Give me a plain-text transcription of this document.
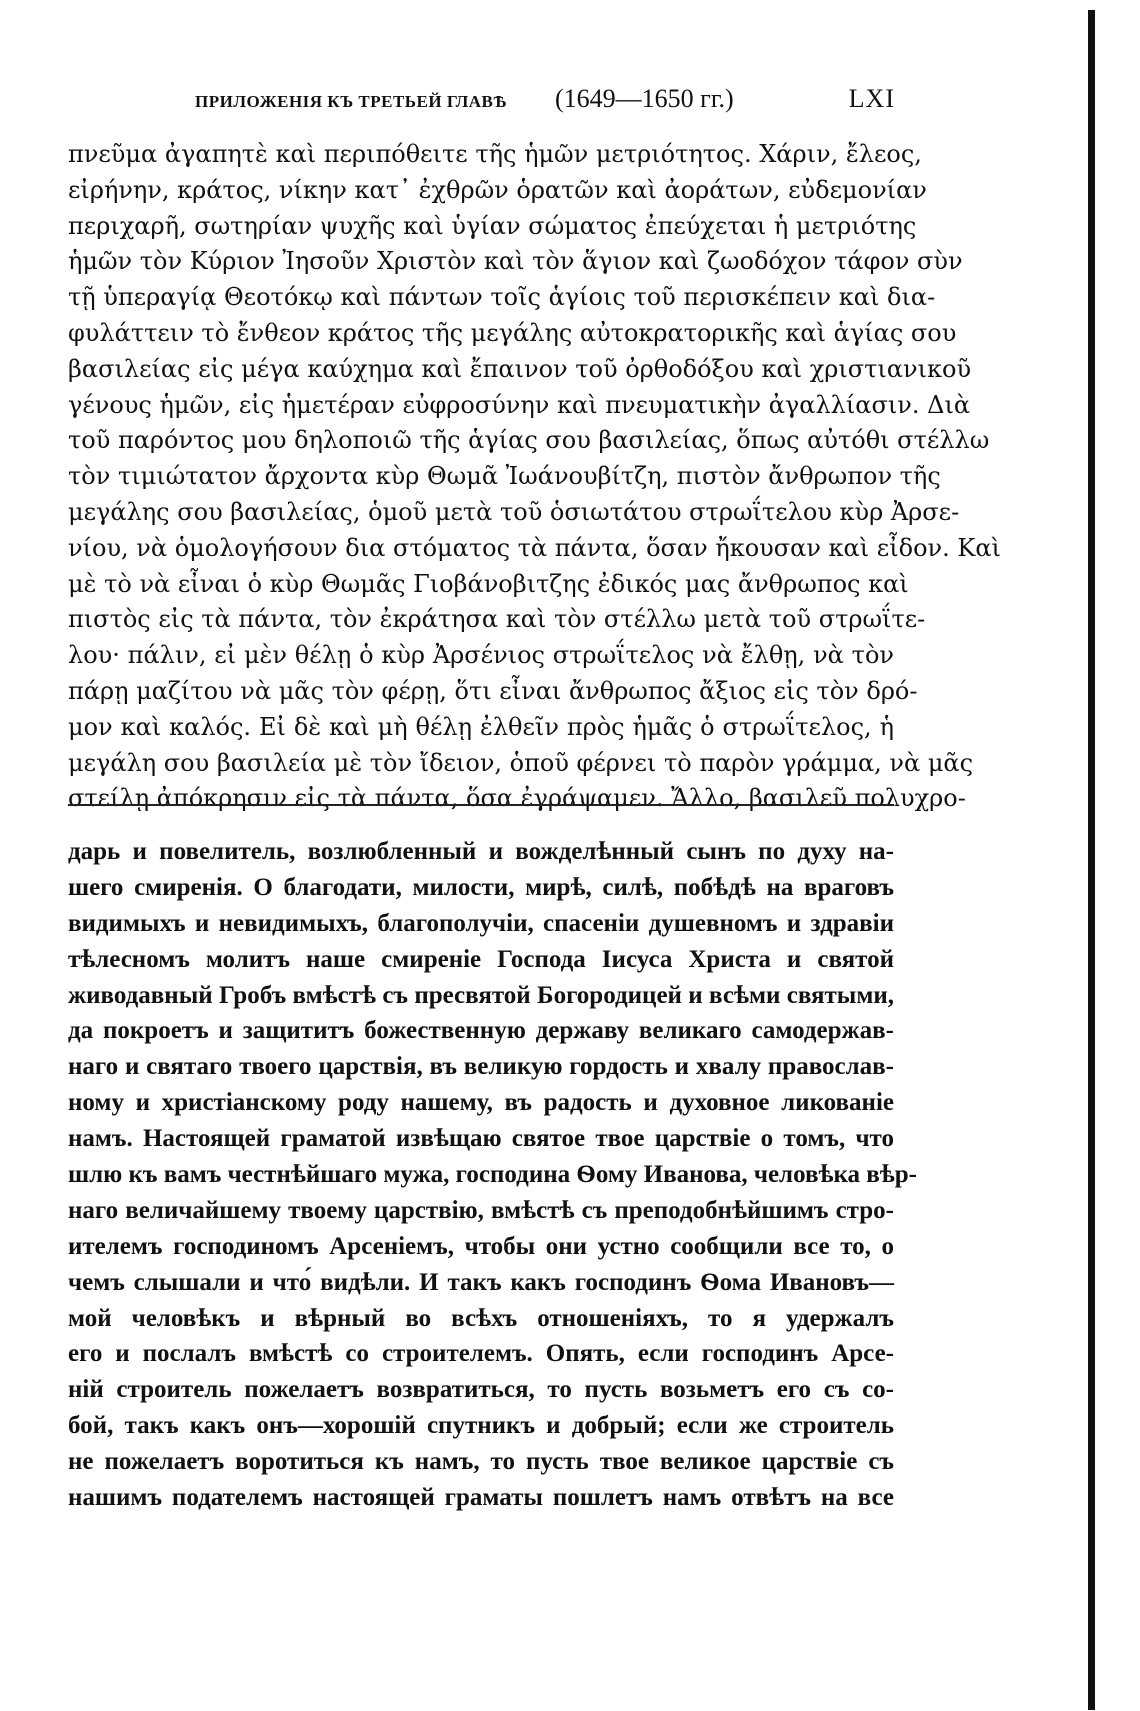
ПРИЛОЖЕНІЯ КЪ ТРЕТЬЕЙ ГЛАВѢ (1649—1650 гг.)	LXI
πνεῦμα ἀγαπητὲ καὶ περιπόθειτε τῆς ἡμῶν μετριότητος. Χάριν, ἔλεος,
εἰρήνην, κράτος, νίκην κατ᾽ ἐχθρῶν ὁρατῶν καὶ ἀοράτων, εὐδεμονίαν
περιχαρῆ, σωτηρίαν ψυχῆς καὶ ὑγίαν σώματος ἐπεύχεται ἡ μετριότης
ἡμῶν τὸν Κύριον Ἰησοῦν Χριστὸν καὶ τὸν ἅγιον καὶ ζωοδόχον τάφον σὺν
τῇ ὑπεραγίᾳ Θεοτόκῳ καὶ πάντων τοῖς ἁγίοις τοῦ περισκέπειν καὶ δια-
φυλάττειν τὸ ἔνθεον κράτος τῆς μεγάλης αὐτοκρατορικῆς καὶ ἁγίας σου
βασιλείας εἰς μέγα καύχημα καὶ ἔπαινον τοῦ ὀρθοδόξου καὶ χριστιανικοῦ
γένους ἡμῶν, εἰς ἡμετέραν εὐφροσύνην καὶ πνευματικὴν ἀγαλλίασιν. Διὰ
τοῦ παρόντος μου δηλοποιῶ τῆς ἁγίας σου βασιλείας, ὅπως αὐτόθι στέλλω
τὸν τιμιώτατον ἄρχοντα κὺρ Θωμᾶ Ἰωάνουβίτζη, πιστὸν ἄνθρωπον τῆς
μεγάλης σου βασιλείας, ὁμοῦ μετὰ τοῦ ὁσιωτάτου στρωΐτελου κὺρ Ἀρσε-
νίου, νὰ ὁμολογήσουν δια στόματος τὰ πάντα, ὅσαν ἤκουσαν καὶ εἶδον. Καὶ
μὲ τὸ νὰ εἶναι ὁ κὺρ Θωμᾶς Γιοβάνοβιτζης ἐδικός μας ἄνθρωπος καὶ
πιστὸς εἰς τὰ πάντα, τὸν ἐκράτησα καὶ τὸν στέλλω μετὰ τοῦ στρωΐτε-
λου· πάλιν, εἰ μὲν θέλῃ ὁ κὺρ Ἀρσένιος στρωΐτελος νὰ ἔλθῃ, νὰ τὸν
πάρῃ μαζίτου νὰ μᾶς τὸν φέρῃ, ὅτι εἶναι ἄνθρωπος ἄξιος εἰς τὸν δρό-
μον καὶ καλός. Εἰ δὲ καὶ μὴ θέλῃ ἐλθεῖν πρὸς ἡμᾶς ὁ στρωΐτελος, ἡ
μεγάλη σου βασιλεία μὲ τὸν ἴδειον, ὁποῦ φέρνει τὸ παρὸν γράμμα, νὰ μᾶς
στείλῃ ἀπόκρησιν εἰς τὰ πάντα, ὅσα ἐγράψαμεν. Ἄλλο, βασιλεῦ πολυχρο-
дарь и повелитель, возлюбленный и вожделѣнный сынъ по духу на-
шего смиренія. О благодати, милости, мирѣ, силѣ, побѣдѣ на враговъ
видимыхъ и невидимыхъ, благополучіи, спасеніи душевномъ и здравіи
тѣлесномъ молитъ наше смиреніе Господа Іисуса Христа и святой
живодавный Гробъ вмѣстѣ съ пресвятой Богородицей и всѣми святыми,
да покроетъ и защититъ божественную державу великаго самодержав-
наго и святаго твоего царствія, въ великую гордость и хвалу православ-
ному и христіанскому роду нашему, въ радость и духовное ликованіе
намъ. Настоящей граматой извѣщаю святое твое царствіе о томъ, что
шлю къ вамъ честнѣйшаго мужа, господина Ѳому Иванова, человѣка вѣр-
наго величайшему твоему царствію, вмѣстѣ съ преподобнѣйшимъ стро-
ителемъ господиномъ Арсеніемъ, чтобы они устно сообщили все то, о
чемъ слышали и что́ видѣли. И такъ какъ господинъ Ѳома Ивановъ—
мой человѣкъ и вѣрный во всѣхъ отношеніяхъ, то я удержалъ
его и послалъ вмѣстѣ со строителемъ. Опять, если господинъ Арсе-
ній строитель пожелаетъ возвратиться, то пусть возьметъ его съ со-
бой, такъ какъ онъ—хорошій спутникъ и добрый; если же строитель
не пожелаетъ воротиться къ намъ, то пусть твое великое царствіе съ
нашимъ подателемъ настоящей граматы пошлетъ намъ отвѣтъ на все
